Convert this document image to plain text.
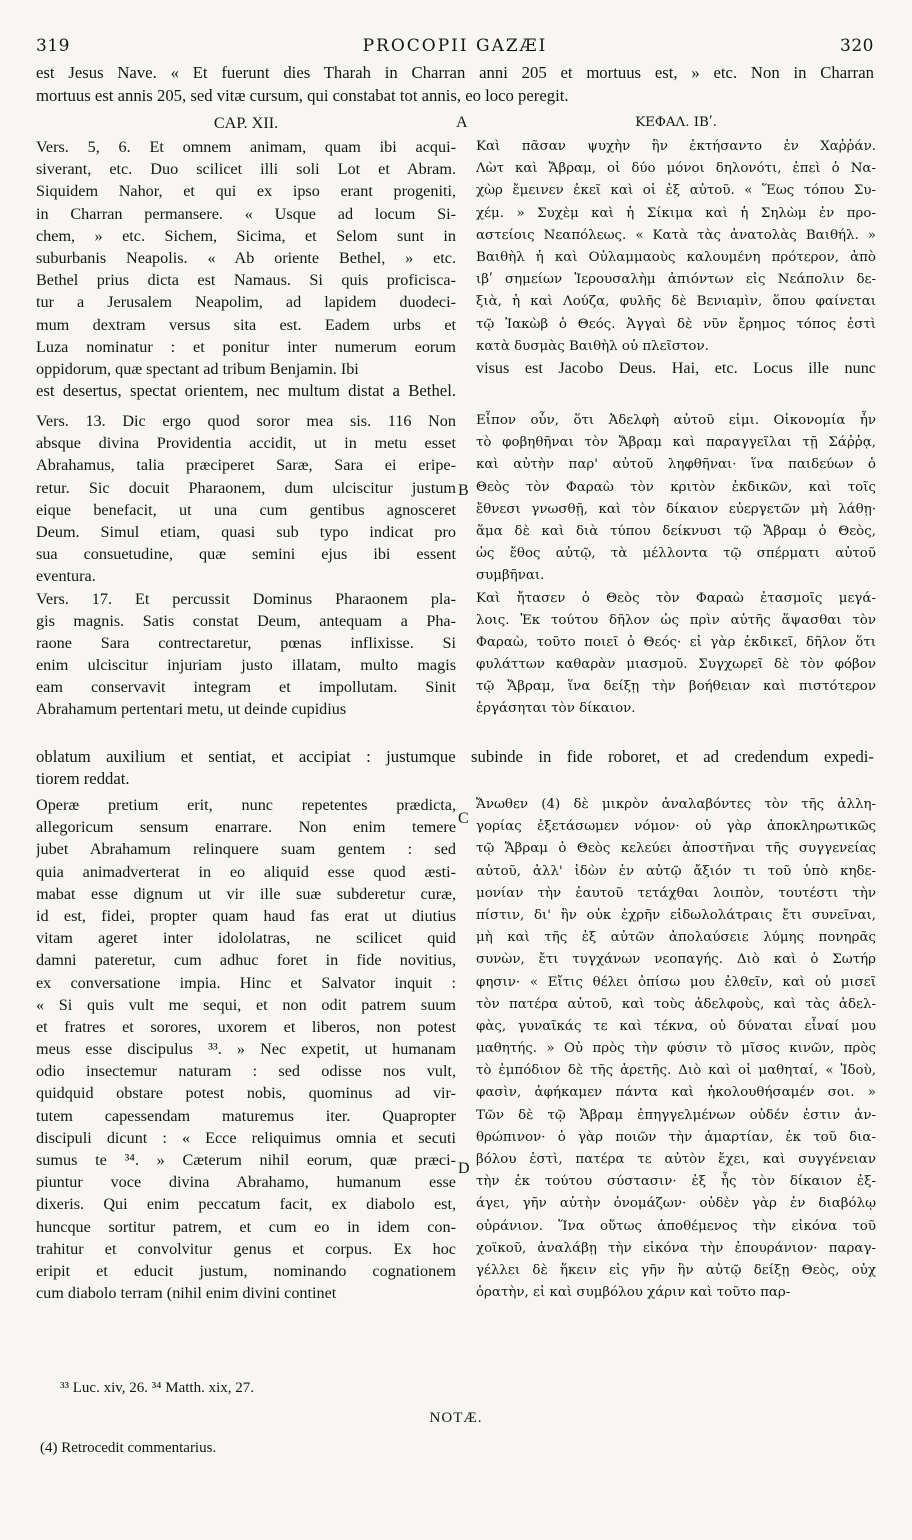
319	PROCOPII GAZÆI	320
est Jesus Nave. « Et fuerunt dies Tharah in Charran anni 205 et mortuus est, » etc. Non in Charran
mortuus est annis 205, sed vitæ cursum, qui constabat tot annis, eo loco peregit.
CAP. XII.	ΚΕΦΑΛ. ΙΒʹ.
A
B
C
D
Vers. 5, 6. Et omnem animam, quam ibi acqui-
siverant, etc. Duo scilicet illi soli Lot et Abram.
Siquidem Nahor, et qui ex ipso erant progeniti,
in Charran permansere. « Usque ad locum Si-
chem, » etc. Sichem, Sicima, et Selom sunt in
suburbanis Neapolis. « Ab oriente Bethel, » etc.
Bethel prius dicta est Namaus. Si quis proficisca-
tur a Jerusalem Neapolim, ad lapidem duodeci-
mum dextram versus sita est. Eadem urbs et
Luza nominatur : et ponitur inter numerum eorum
oppidorum, quæ spectant ad tribum Benjamin. Ibi
Καὶ πᾶσαν ψυχὴν ἣν ἐκτήσαντο ἐν Χαῤῥάν.
Λὼτ καὶ Ἄβραμ, οἱ δύο μόνοι δηλονότι, ἐπεὶ ὁ Να-
χὼρ ἔμεινεν ἐκεῖ καὶ οἱ ἐξ αὐτοῦ. « Ἕως τόπου Συ-
χέμ. » Συχὲμ καὶ ἡ Σίκιμα καὶ ἡ Σηλὼμ ἐν προ-
αστείοις Νεαπόλεως. « Κατὰ τὰς ἀνατολὰς Βαιθήλ. »
Βαιθὴλ ἡ καὶ Οὐλαμμαοὺς καλουμένη πρότερον, ἀπὸ
ιβʹ σημείων Ἱερουσαλὴμ ἀπιόντων εἰς Νεάπολιν δε-
ξιὰ, ἡ καὶ Λούζα, φυλῆς δὲ Βενιαμὶν, ὅπου φαίνεται
τῷ Ἰακὼβ ὁ Θεός. Ἀγγαὶ δὲ νῦν ἔρημος τόπος ἐστὶ
κατὰ δυσμὰς Βαιθὴλ οὐ πλεῖστον.
est desertus, spectat orientem, nec multum distat a Bethel.
visus est Jacobo Deus. Hai, etc. Locus ille nunc
Vers. 13. Dic ergo quod soror mea sis. 116 Non
absque divina Providentia accidit, ut in metu esset
Abrahamus, talia præciperet Saræ, Sara ei eripe-
retur. Sic docuit Pharaonem, dum ulciscitur justum
eique benefacit, ut una cum gentibus agnosceret
Deum. Simul etiam, quasi sub typo indicat pro
sua consuetudine, quæ semini ejus ibi essent
eventura.
Vers. 17. Et percussit Dominus Pharaonem pla-
gis magnis. Satis constat Deum, antequam a Pha-
raone Sara contrectaretur, pœnas inflixisse. Si
enim ulciscitur injuriam justo illatam, multo magis
eam conservavit integram et impollutam. Sinit
Abrahamum pertentari metu, ut deinde cupidius
Εἶπον οὖν, ὅτι Ἀδελφὴ αὐτοῦ εἰμι. Οἰκονομία ἦν
τὸ φοβηθῆναι τὸν Ἄβραμ καὶ παραγγεῖλαι τῇ Σάῤῥᾳ,
καὶ αὐτὴν παρ' αὐτοῦ ληφθῆναι· ἵνα παιδεύων ὁ
Θεὸς τὸν Φαραὼ τὸν κριτὸν ἐκδικῶν, καὶ τοῖς
ἔθνεσι γνωσθῇ, καὶ τὸν δίκαιον εὐεργετῶν μὴ λάθῃ·
ἅμα δὲ καὶ διὰ τύπου δείκνυσι τῷ Ἄβραμ ὁ Θεὸς,
ὡς ἔθος αὐτῷ, τὰ μέλλοντα τῷ σπέρματι αὐτοῦ
συμβῆναι.
Καὶ ἤτασεν ὁ Θεὸς τὸν Φαραὼ ἐτασμοῖς μεγά-
λοις. Ἐκ τούτου δῆλον ὡς πρὶν αὐτῆς ἅψασθαι τὸν
Φαραὼ, τοῦτο ποιεῖ ὁ Θεός· εἰ γὰρ ἐκδικεῖ, δῆλον ὅτι
φυλάττων καθαρὰν μιασμοῦ. Συγχωρεῖ δὲ τὸν φόβον
τῷ Ἄβραμ, ἵνα δείξῃ τὴν βοήθειαν καὶ πιστότερον
ἐργάσηται τὸν δίκαιον.
oblatum auxilium et sentiat, et accipiat : justumque subinde in fide roboret, et ad credendum expedi-
tiorem reddat.
Operæ pretium erit, nunc repetentes prædicta,
allegoricum sensum enarrare. Non enim temere
jubet Abrahamum relinquere suam gentem : sed
quia animadverterat in eo aliquid esse quod æsti-
mabat esse dignum ut vir ille suæ subderetur curæ,
id est, fidei, propter quam haud fas erat ut diutius
vitam ageret inter idololatras, ne scilicet quid
damni pateretur, cum adhuc foret in fide novitius,
ex conversatione impia. Hinc et Salvator inquit :
« Si quis vult me sequi, et non odit patrem suum
et fratres et sorores, uxorem et liberos, non potest
meus esse discipulus ³³. » Nec expetit, ut humanam
odio insectemur naturam : sed odisse nos vult,
quidquid obstare potest nobis, quominus ad vir-
tutem capessendam maturemus iter. Quapropter
discipuli dicunt : « Ecce reliquimus omnia et secuti
sumus te ³⁴. » Cæterum nihil eorum, quæ præci-
piuntur voce divina Abrahamo, humanum esse
dixeris. Qui enim peccatum facit, ex diabolo est,
huncque sortitur patrem, et cum eo in idem con-
trahitur et convolvitur genus et corpus. Ex hoc
eripit et educit justum, nominando cognationem
cum diabolo terram (nihil enim divini continet
Ἄνωθεν (4) δὲ μικρὸν ἀναλαβόντες τὸν τῆς ἀλλη-
γορίας ἐξετάσωμεν νόμον· οὐ γὰρ ἀποκληρωτικῶς
τῷ Ἄβραμ ὁ Θεὸς κελεύει ἀποστῆναι τῆς συγγενείας
αὐτοῦ, ἀλλ' ἰδὼν ἐν αὐτῷ ἄξιόν τι τοῦ ὑπὸ κηδε-
μονίαν τὴν ἑαυτοῦ τετάχθαι λοιπὸν, τουτέστι τὴν
πίστιν, δι' ἣν οὐκ ἐχρῆν εἰδωλολάτραις ἔτι συνεῖναι,
μὴ καὶ τῆς ἐξ αὐτῶν ἀπολαύσειε λύμης πονηρᾶς
συνὼν, ἔτι τυγχάνων νεοπαγής. Διὸ καὶ ὁ Σωτήρ
φησιν· « Εἴτις θέλει ὀπίσω μου ἐλθεῖν, καὶ οὐ μισεῖ
τὸν πατέρα αὐτοῦ, καὶ τοὺς ἀδελφοὺς, καὶ τὰς ἀδελ-
φὰς, γυναῖκάς τε καὶ τέκνα, οὐ δύναται εἶναί μου
μαθητής. » Οὐ πρὸς τὴν φύσιν τὸ μῖσος κινῶν, πρὸς
τὸ ἐμπόδιον δὲ τῆς ἀρετῆς. Διὸ καὶ οἱ μαθηταί, « Ἰδοὺ,
φασὶν, ἀφήκαμεν πάντα καὶ ἠκολουθήσαμέν σοι. »
Τῶν δὲ τῷ Ἄβραμ ἐπηγγελμένων οὐδέν ἐστιν ἀν-
θρώπινον· ὁ γὰρ ποιῶν τὴν ἁμαρτίαν, ἐκ τοῦ δια-
βόλου ἐστὶ, πατέρα τε αὐτὸν ἔχει, καὶ συγγένειαν
τὴν ἐκ τούτου σύστασιν· ἐξ ἧς τὸν δίκαιον ἐξ-
άγει, γῆν αὐτὴν ὀνομάζων· οὐδὲν γὰρ ἐν διαβόλῳ
οὐράνιον. Ἵνα οὕτως ἀποθέμενος τὴν εἰκόνα τοῦ
χοϊκοῦ, ἀναλάβῃ τὴν εἰκόνα τὴν ἐπουράνιον· παραγ-
γέλλει δὲ ἥκειν εἰς γῆν ἣν αὐτῷ δείξῃ Θεὸς, οὐχ
ὁρατὴν, εἰ καὶ συμβόλου χάριν καὶ τοῦτο παρ-
³³ Luc. xiv, 26. ³⁴ Matth. xix, 27.
NOTÆ.
(4) Retrocedit commentarius.
